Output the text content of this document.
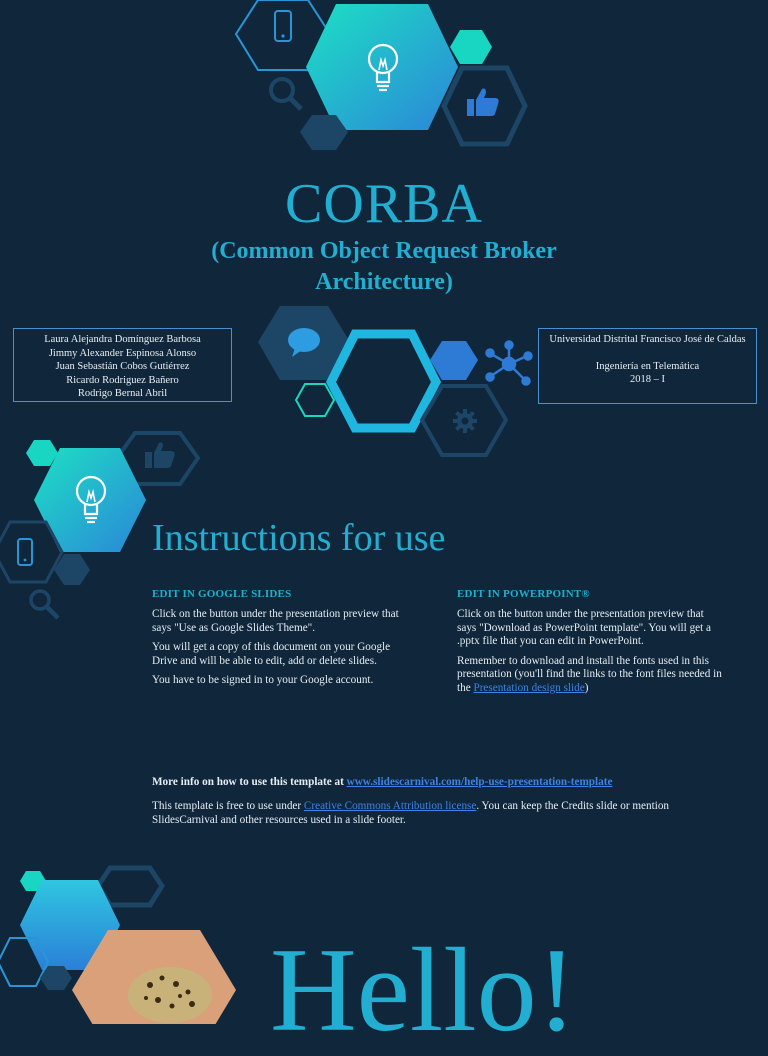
CORBA
(Common Object Request Broker
Architecture)
Laura Alejandra Domínguez Barbosa
Jimmy Alexander Espinosa Alonso
Juan Sebastián Cobos Gutiérrez
Ricardo Rodriguez Bañero
Rodrigo Bernal Abril
Universidad Distrital Francisco José de Caldas
Ingeniería en Telemática
2018 – I
Instructions for use
EDIT IN GOOGLE SLIDES

Click on the button under the presentation preview that says "Use as Google Slides Theme".

You will get a copy of this document on your Google Drive and will be able to edit, add or delete slides.

You have to be signed in to your Google account.

EDIT IN POWERPOINT®

Click on the button under the presentation preview that says "Download as PowerPoint template". You will get a .pptx file that you can edit in PowerPoint.

Remember to download and install the fonts used in this presentation (you'll find the links to the font files needed in the Presentation design slide)

More info on how to use this template at www.slidescarnival.com/help-use-presentation-template
This template is free to use under Creative Commons Attribution license. You can keep the Credits slide or mention SlidesCarnival and other resources used in a slide footer.
Hello!
